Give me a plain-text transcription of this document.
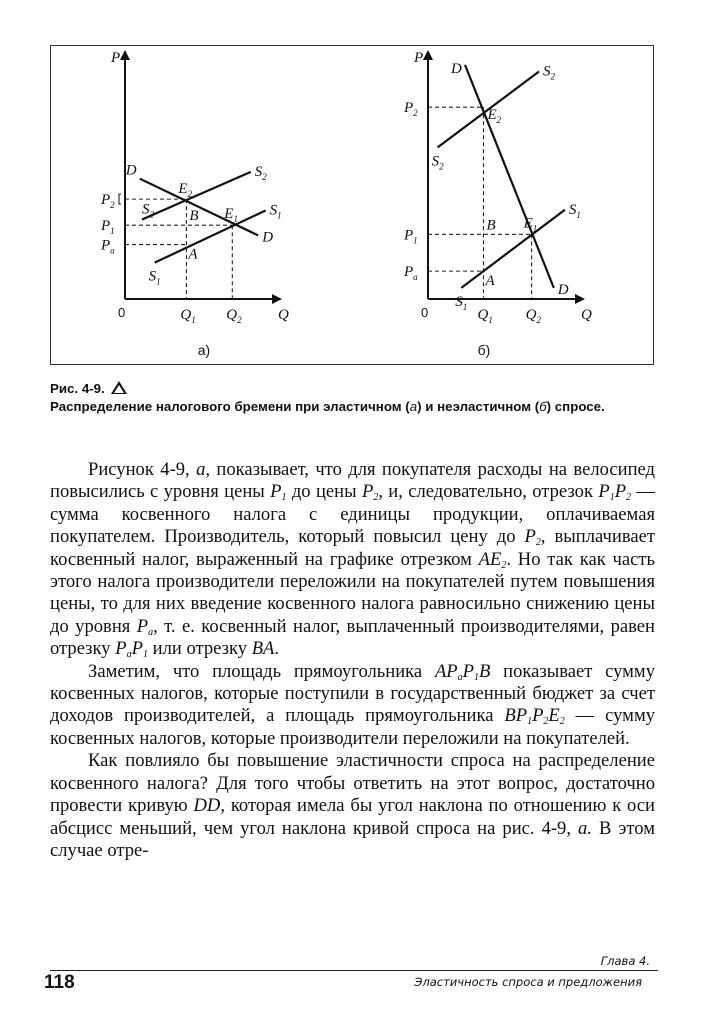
P
Q
0
D
D
$S_2$
$S_2$
$S_1$
$S_1$
$E_2$
$E_1$
B
A
$P_2$
$P_1$
$P_a$
$Q_1$ $Q_2$
а)
P
Q
0
D
D
$S_2$
$S_2$
$S_1$
$S_1$
$E_2$
$E_1$
B
A
$P_2$
$P_1$
$P_a$
$Q_1$ $Q_2$
б)
Рис. 4-9.
Распределение налогового бремени при эластичном (а) и неэластичном (б) спросе.

Рисунок 4-9, а, показывает, что для покупателя расходы на велосипед повысились с уровня цены $P_1$ до цены $P_2$, и, следовательно, отрезок $P_1P_2$ — сумма косвенного налога с единицы продукции, оплачиваемая покупателем. Производитель, который повысил цену до $P_2$, выплачивает косвенный налог, выраженный на графике отрезком $AE_2$. Но так как часть этого налога производители переложили на покупателей путем повышения цены, то для них введение косвенного налога равносильно снижению цены до уровня $P_a$, т. е. косвенный налог, выплаченный производителями, равен отрезку $P_aP_1$ или отрезку BA.

Заметим, что площадь прямоугольника $AP_aP_1B$ показывает сумму косвенных налогов, которые поступили в государственный бюджет за счет доходов производителей, а площадь прямоугольника $BP_1P_2E_2$ — сумму косвенных налогов, которые производители переложили на покупателей.

Как повлияло бы повышение эластичности спроса на распределение косвенного налога? Для того чтобы ответить на этот вопрос, достаточно провести кривую DD, которая имела бы угол наклона по отношению к оси абсцисс меньший, чем угол наклона кривой спроса на рис. 4-9, а. В этом случае отре-

Глава 4.
118	Эластичность спроса и предложения
